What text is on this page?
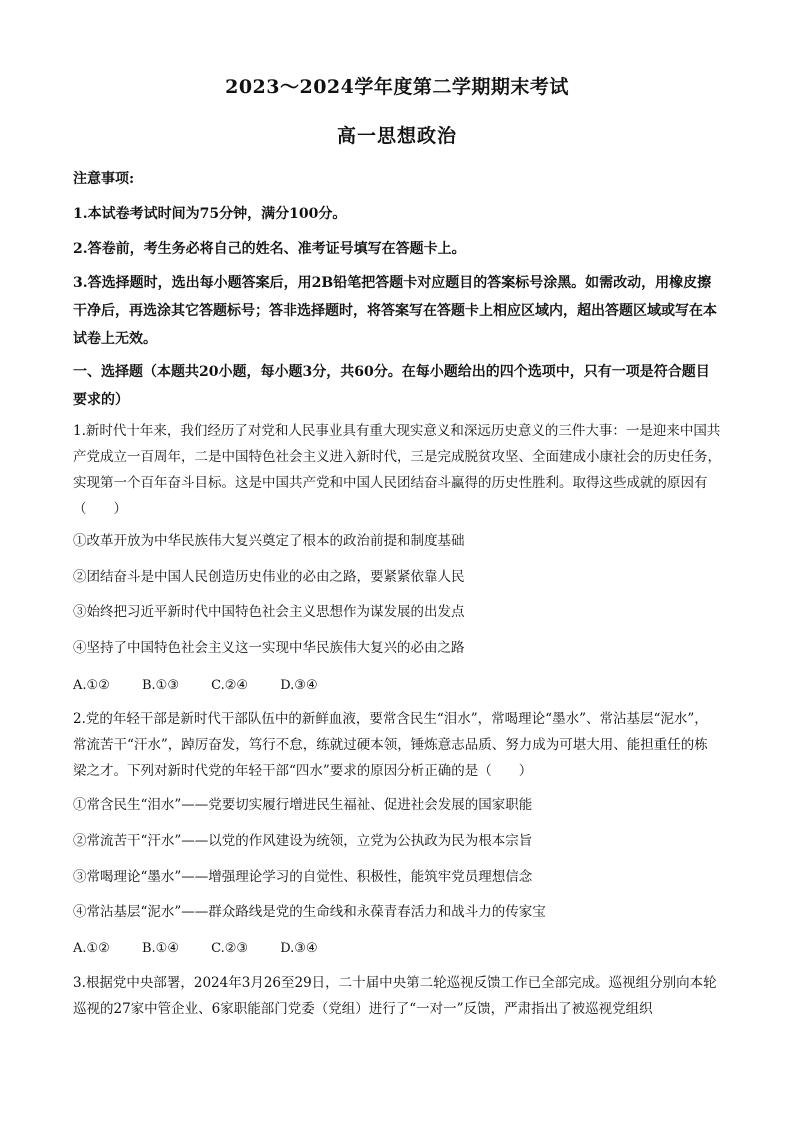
2023～2024学年度第二学期期末考试
高一思想政治
注意事项:
1.本试卷考试时间为75分钟，满分100分。
2.答卷前，考生务必将自己的姓名、准考证号填写在答题卡上。
3.答选择题时，选出每小题答案后，用2B铅笔把答题卡对应题目的答案标号涂黑。如需改动，用橡皮擦干净后，再选涂其它答题标号；答非选择题时，将答案写在答题卡上相应区域内，超出答题区域或写在本试卷上无效。
一、选择题（本题共20小题，每小题3分，共60分。在每小题给出的四个选项中，只有一项是符合题目要求的）
1.新时代十年来，我们经历了对党和人民事业具有重大现实意义和深远历史意义的三件大事：一是迎来中国共产党成立一百周年，二是中国特色社会主义进入新时代，三是完成脱贫攻坚、全面建成小康社会的历史任务，实现第一个百年奋斗目标。这是中国共产党和中国人民团结奋斗赢得的历史性胜利。取得这些成就的原因有（　　）
①改革开放为中华民族伟大复兴奠定了根本的政治前提和制度基础
②团结奋斗是中国人民创造历史伟业的必由之路，要紧紧依靠人民
③始终把习近平新时代中国特色社会主义思想作为谋发展的出发点
④坚持了中国特色社会主义这一实现中华民族伟大复兴的必由之路
A.①② B.①③ C.②④ D.③④
2.党的年轻干部是新时代干部队伍中的新鲜血液，要常含民生“泪水”，常喝理论“墨水”、常沾基层“泥水”，常流苦干“汗水”，踔厉奋发，笃行不怠，练就过硬本领，锤炼意志品质、努力成为可堪大用、能担重任的栋梁之才。下列对新时代党的年轻干部“四水”要求的原因分析正确的是（　　）
①常含民生“泪水”——党要切实履行增进民生福祉、促进社会发展的国家职能
②常流苦干“汗水”——以党的作风建设为统领，立党为公执政为民为根本宗旨
③常喝理论“墨水”——增强理论学习的自觉性、积极性，能筑牢党员理想信念
④常沾基层“泥水”——群众路线是党的生命线和永葆青春活力和战斗力的传家宝
A.①② B.①④ C.②③ D.③④
3.根据党中央部署，2024年3月26至29日，二十届中央第二轮巡视反馈工作已全部完成。巡视组分别向本轮巡视的27家中管企业、6家职能部门党委（党组）进行了“一对一”反馈，严肃指出了被巡视党组织
